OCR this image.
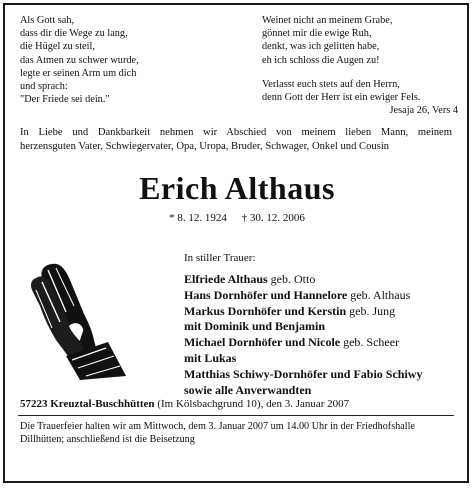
Als Gott sah,
dass dir die Wege zu lang,
die Hügel zu steil,
das Atmen zu schwer wurde,
legte er seinen Arm um dich
und sprach:
"Der Friede sei dein."
Weinet nicht an meinem Grabe,
gönnet mir die ewige Ruh,
denkt, was ich gelitten habe,
eh ich schloss die Augen zu!
Verlasst euch stets auf den Herrn,
denn Gott der Herr ist ein ewiger Fels.
Jesaja 26, Vers 4
In Liebe und Dankbarkeit nehmen wir Abschied von meinem lieben Mann, meinem
herzensguten Vater, Schwiegervater, Opa, Uropa, Bruder, Schwager, Onkel und Cousin
Erich Althaus
* 8. 12. 1924 † 30. 12. 2006
In stiller Trauer:
Elfriede Althaus geb. Otto
Hans Dornhöfer und Hannelore geb. Althaus
Markus Dornhöfer und Kerstin geb. Jung
mit Dominik und Benjamin
Michael Dornhöfer und Nicole geb. Scheer
mit Lukas
Matthias Schiwy-Dornhöfer und Fabio Schiwy
sowie alle Anverwandten
57223 Kreuztal-Buschhütten (Im Kölsbachgrund 10), den 3. Januar 2007
Die Trauerfeier halten wir am Mittwoch, dem 3. Januar 2007 um 14.00 Uhr in der Friedhofshalle
Dillhütten; anschließend ist die Beisetzung
